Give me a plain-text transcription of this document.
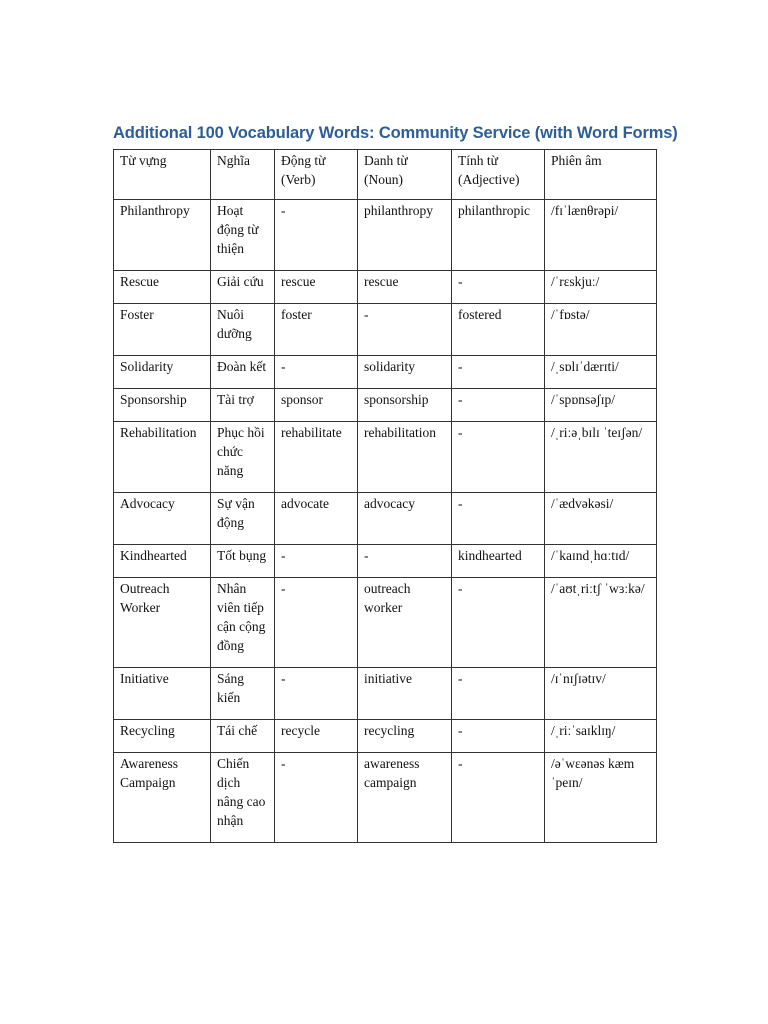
Additional 100 Vocabulary Words: Community Service (with Word Forms)
Từ vựng	Nghĩa	Động từ (Verb)	Danh từ (Noun)	Tính từ (Adjective)	Phiên âm
Philanthropy	Hoạt động từ thiện	-	philanthropy	philanthropic	/fɪˈlænθrəpi/
Rescue	Giải cứu	rescue	rescue	-	/ˈrɛskjuː/
Foster	Nuôi dưỡng	foster	-	fostered	/ˈfɒstə/
Solidarity	Đoàn kết	-	solidarity	-	/ˌsɒlɪˈdærɪti/
Sponsorship	Tài trợ	sponsor	sponsorship	-	/ˈspɒnsəʃɪp/
Rehabilitation	Phục hồi chức năng	rehabilitate	rehabilitation	-	/ˌriːəˌbɪlɪ ˈteɪʃən/
Advocacy	Sự vận động	advocate	advocacy	-	/ˈædvəkəsi/
Kindhearted	Tốt bụng	-	-	kindhearted	/ˈkaɪndˌhɑːtɪd/
Outreach Worker	Nhân viên tiếp cận cộng đồng	-	outreach worker	-	/ˈaʊtˌriːtʃ ˈwɜːkə/
Initiative	Sáng kiến	-	initiative	-	/ɪˈnɪʃɪətɪv/
Recycling	Tái chế	recycle	recycling	-	/ˌriːˈsaɪklɪŋ/
Awareness Campaign	Chiến dịch nâng cao nhận	-	awareness campaign	-	/əˈwɛənəs kæmˈpeɪn/
